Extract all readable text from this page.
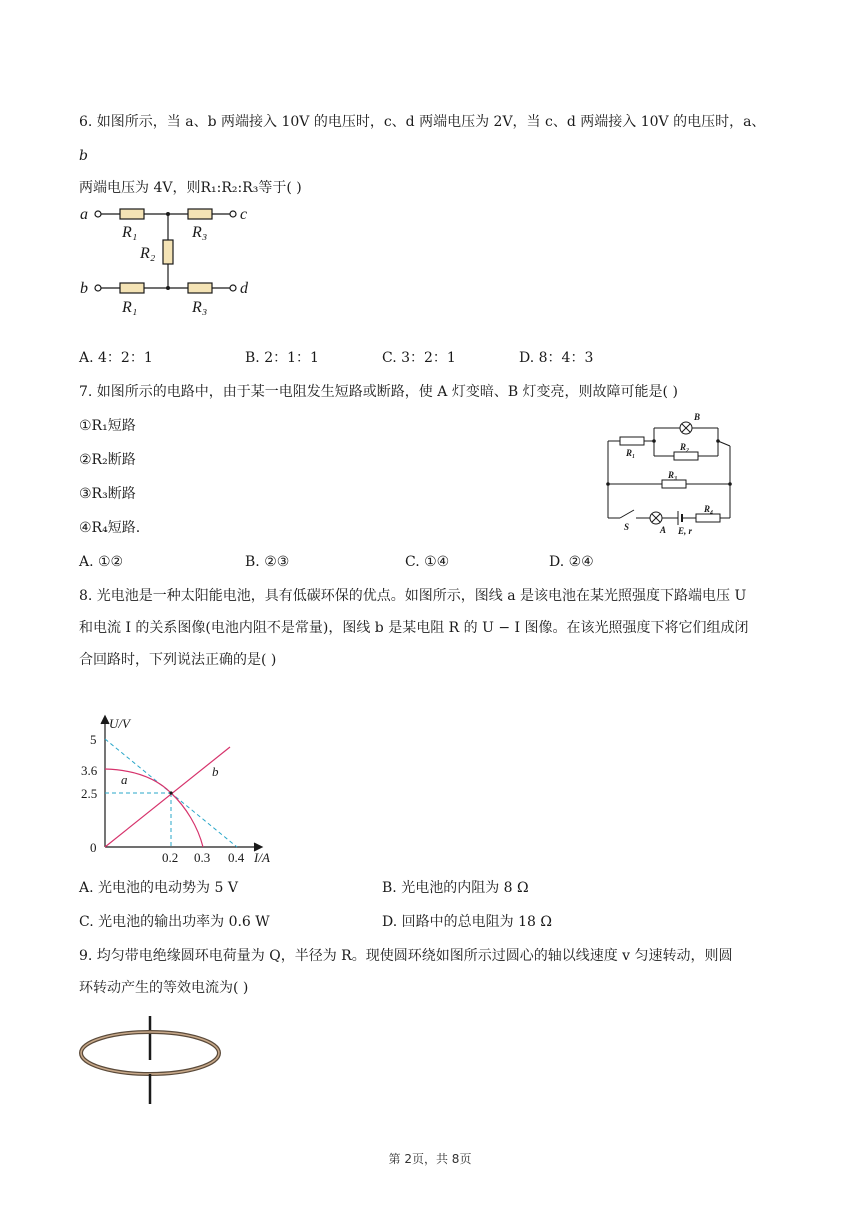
6. 如图所示，当 a、b 两端接入 10V 的电压时，c、d 两端电压为 2V，当 c、d 两端接入 10V 的电压时，a、
b
两端电压为 4V，则R₁:R₂:R₃等于( )
a	c
b	d
R₁	R₃
R₂
R₁	R₃
A. 4：2：1	B. 2：1：1	C. 3：2：1	D. 8：4：3
7. 如图所示的电路中，由于某一电阻发生短路或断路，使 A 灯变暗、B 灯变亮，则故障可能是( )
①R₁短路
②R₂断路
③R₃断路
④R₄短路.
B
R₁
R₂
R₃
R₄
S	A E, r
A. ①②	B. ②③	C. ①④	D. ②④
8. 光电池是一种太阳能电池，具有低碳环保的优点。如图所示，图线 a 是该电池在某光照强度下路端电压 U
和电流 I 的关系图像(电池内阻不是常量)，图线 b 是某电阻 R 的 U − I 图像。在该光照强度下将它们组成闭
合回路时，下列说法正确的是( )
U/V
I/A
5
3.6
2.5
0
0.2 0.3 0.4
a
b
A. 光电池的电动势为 5 V	B. 光电池的内阻为 8 Ω
C. 光电池的输出功率为 0.6 W	D. 回路中的总电阻为 18 Ω
9. 均匀带电绝缘圆环电荷量为 Q，半径为 R。现使圆环绕如图所示过圆心的轴以线速度 v 匀速转动，则圆
环转动产生的等效电流为( )
第 2页，共 8页
